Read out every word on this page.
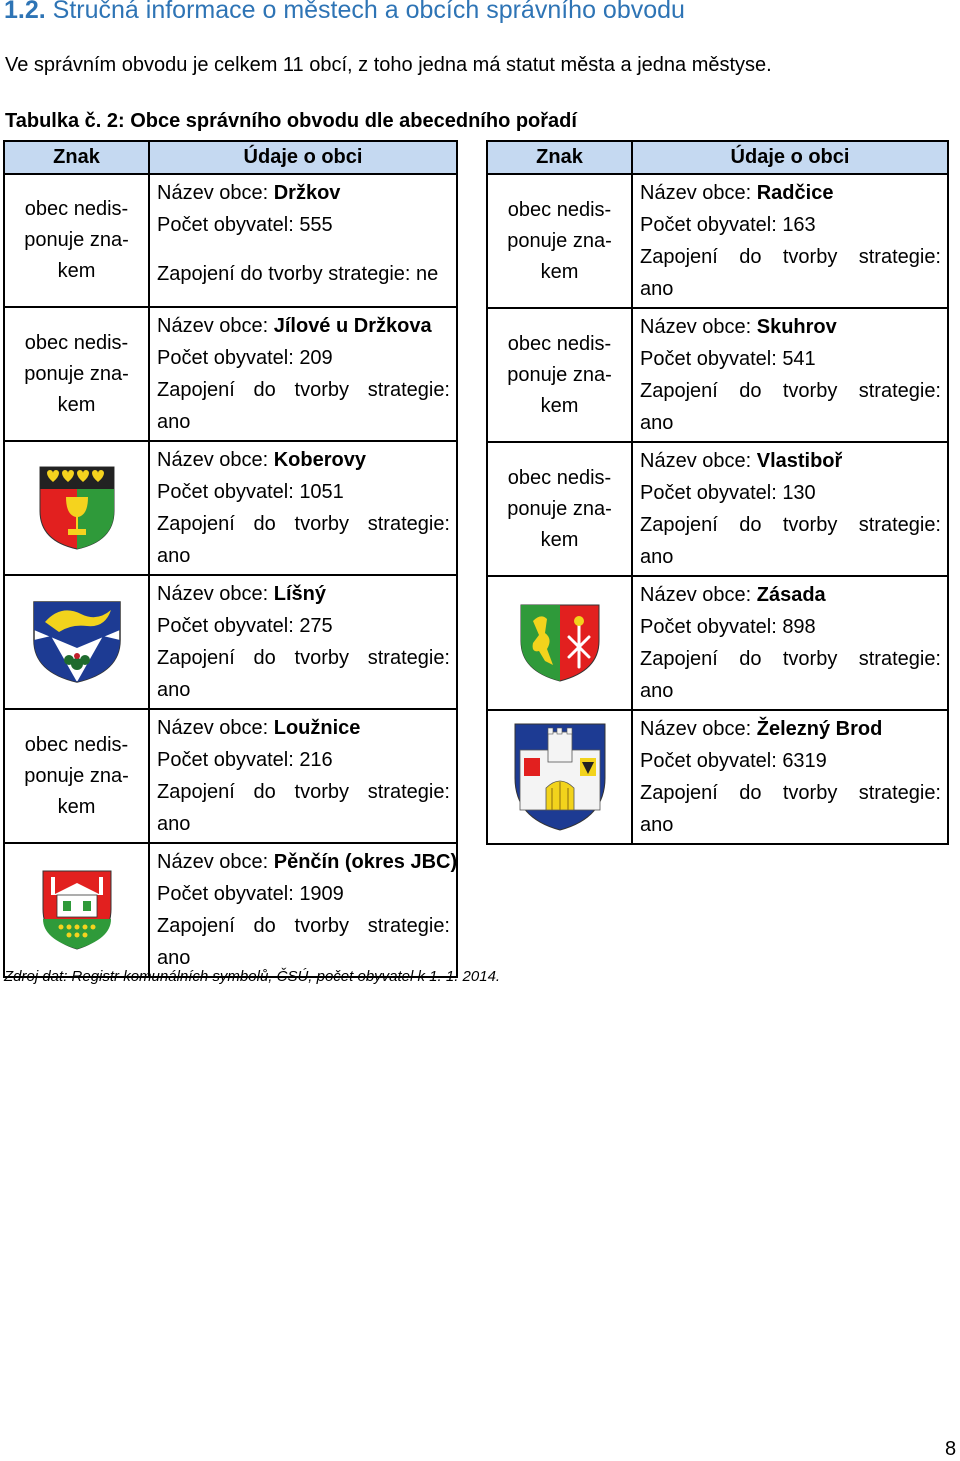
1.2. Stručná informace o městech a obcích správního obvodu
Ve správním obvodu je celkem 11 obcí, z toho jedna má statut města a jedna městyse.
Tabulka č. 2: Obce správního obvodu dle abecedního pořadí
Znak	Údaje o obci

obec nedis-
ponuje zna-
kem	Název obce: Držkov
Počet obyvatel: 555
Zapojení do tvorby strategie: ne

obec nedis-
ponuje zna-
kem	Název obce: Jílové u Držkova
Počet obyvatel: 209
Zapojení do tvorby strategie:
ano

Název obce: Koberovy
Počet obyvatel: 1051
Zapojení do tvorby strategie:
ano

Název obce: Líšný
Počet obyvatel: 275
Zapojení do tvorby strategie:
ano

obec nedis-
ponuje zna-
kem	Název obce: Loužnice
Počet obyvatel: 216
Zapojení do tvorby strategie:
ano

Název obce: Pěnčín (okres JBC)
Počet obyvatel: 1909
Zapojení do tvorby strategie:
ano
Znak	Údaje o obci

obec nedis-
ponuje zna-
kem	Název obce: Radčice
Počet obyvatel: 163
Zapojení do tvorby strategie:
ano

obec nedis-
ponuje zna-
kem	Název obce: Skuhrov
Počet obyvatel: 541
Zapojení do tvorby strategie:
ano

obec nedis-
ponuje zna-
kem	Název obce: Vlastiboř
Počet obyvatel: 130
Zapojení do tvorby strategie:
ano

Název obce: Zásada
Počet obyvatel: 898
Zapojení do tvorby strategie:
ano

Název obce: Železný Brod
Počet obyvatel: 6319
Zapojení do tvorby strategie:
ano
Zdroj dat: Registr komunálních symbolů, ČSÚ, počet obyvatel k 1. 1. 2014.
8
